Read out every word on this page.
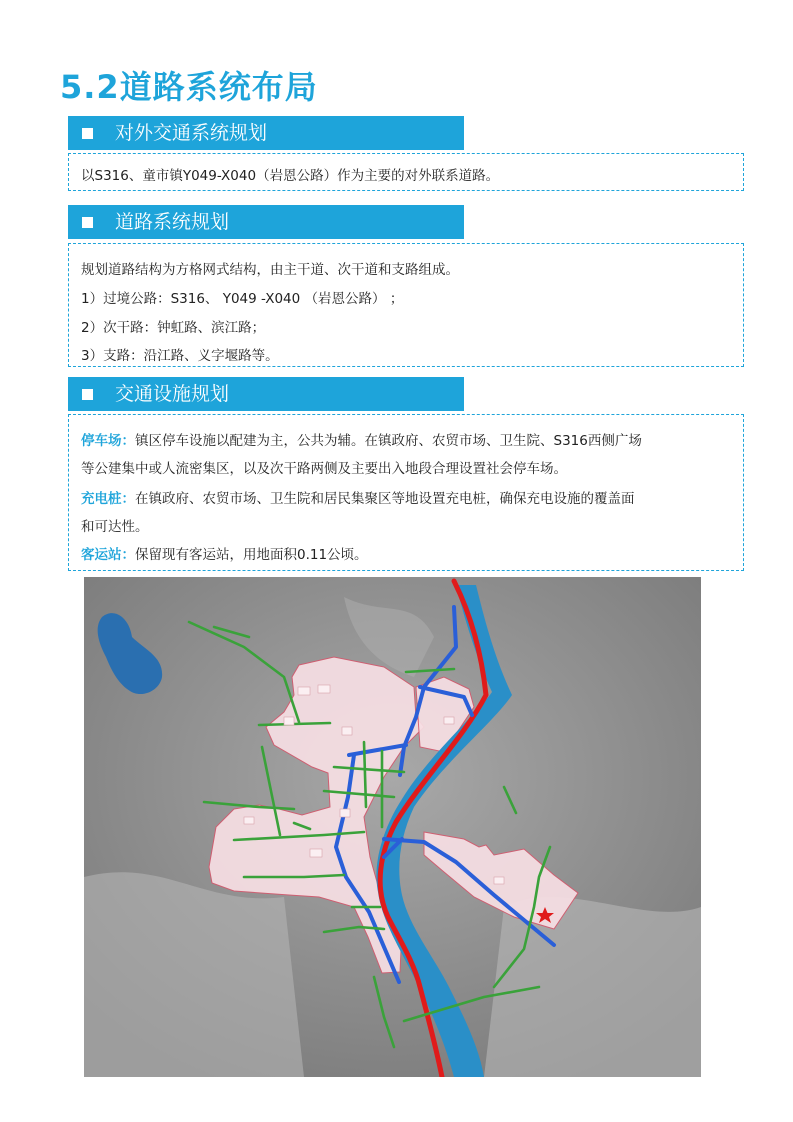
5.2道路系统布局
对外交通系统规划
以S316、童市镇Y049-X040（岩恩公路）作为主要的对外联系道路。
道路系统规划
规划道路结构为方格网式结构，由主干道、次干道和支路组成。
1）过境公路：S316、 Y049 -X040 （岩恩公路） ；
2）次干路：钟虹路、滨江路；
3）支路：沿江路、义字堰路等。
交通设施规划
停车场：镇区停车设施以配建为主，公共为辅。在镇政府、农贸市场、卫生院、S316西侧广场
等公建集中或人流密集区，以及次干路两侧及主要出入地段合理设置社会停车场。
充电桩：在镇政府、农贸市场、卫生院和居民集聚区等地设置充电桩，确保充电设施的覆盖面
和可达性。
客运站：保留现有客运站，用地面积0.11公顷。
